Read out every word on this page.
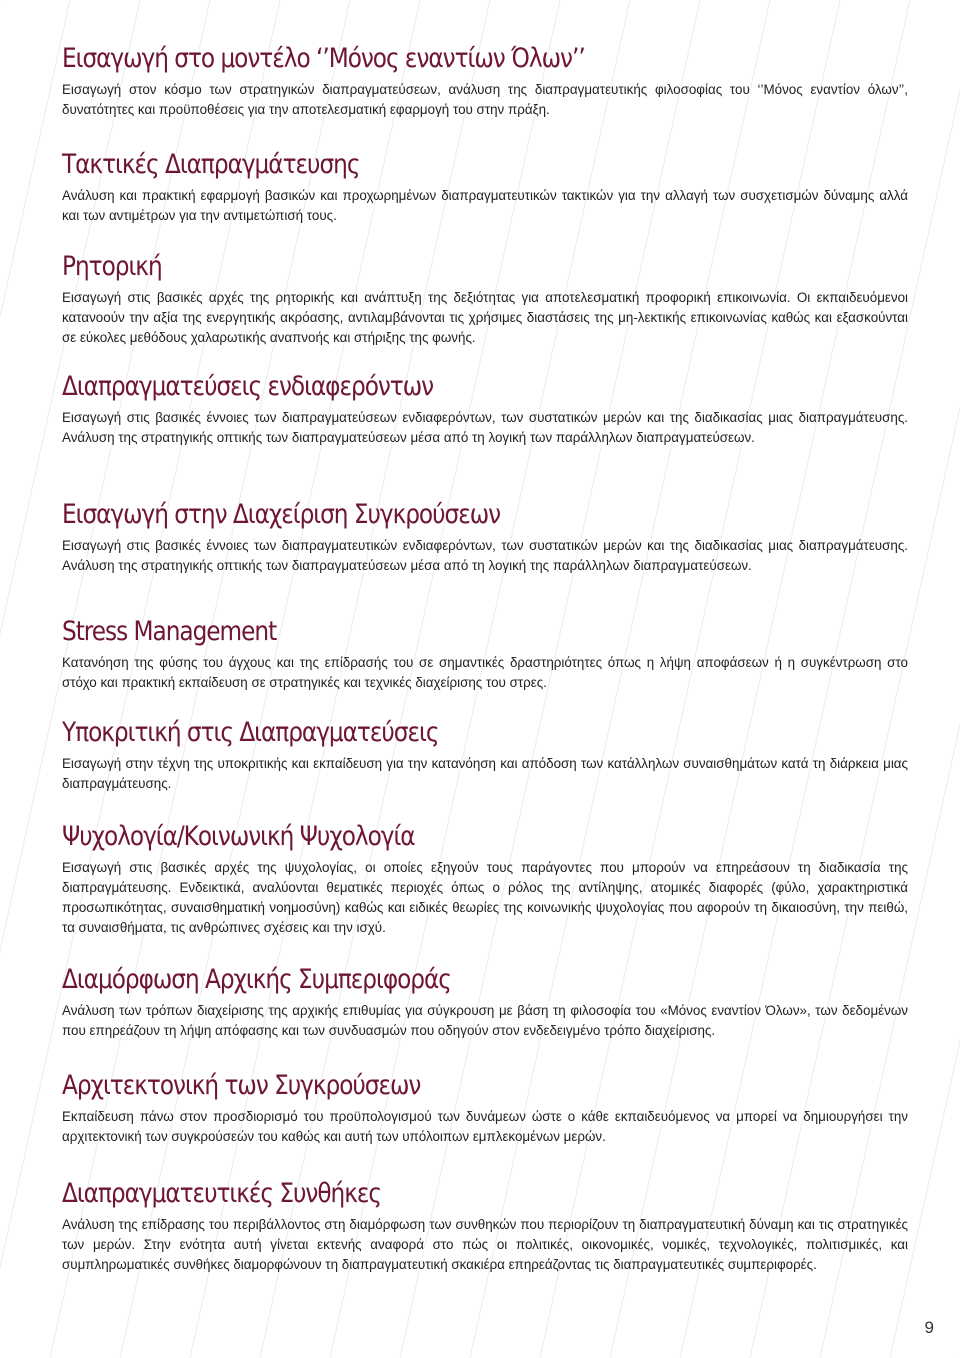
Εισαγωγή στο μοντέλο ‘’Μόνος εναντίων Όλων’’

Εισαγωγή στον κόσμο των στρατηγικών διαπραγματεύσεων, ανάλυση της διαπραγματευτικής φιλοσοφίας του ‘’Μόνος εναντίον όλων’’, δυνατότητες και προϋποθέσεις για την αποτελεσματική εφαρμογή του στην πράξη.

Τακτικές Διαπραγμάτευσης

Ανάλυση και πρακτική εφαρμογή βασικών και προχωρημένων διαπραγματευτικών τακτικών για την αλλαγή των συσχετισμών δύναμης αλλά και των αντιμέτρων για την αντιμετώπισή τους.

Ρητορική

Εισαγωγή στις βασικές αρχές της ρητορικής και ανάπτυξη της δεξιότητας για αποτελεσματική προφορική επικοινωνία. Οι εκπαιδευόμενοι κατανοούν την αξία της ενεργητικής ακρόασης, αντιλαμβάνονται τις χρήσιμες διαστάσεις της μη-λεκτικής επικοινωνίας καθώς και εξασκούνται σε εύκολες μεθόδους χαλαρωτικής αναπνοής και στήριξης της φωνής.

Διαπραγματεύσεις ενδιαφερόντων

Εισαγωγή στις βασικές έννοιες των διαπραγματεύσεων ενδιαφερόντων, των συστατικών μερών και της διαδικασίας μιας διαπραγμάτευσης. Ανάλυση της στρατηγικής οπτικής των διαπραγματεύσεων μέσα από τη λογική των παράλληλων διαπραγματεύσεων.

Εισαγωγή στην Διαχείριση Συγκρούσεων

Εισαγωγή στις βασικές έννοιες των διαπραγματευτικών ενδιαφερόντων, των συστατικών μερών και της διαδικασίας μιας διαπραγμάτευσης. Ανάλυση της στρατηγικής οπτικής των διαπραγματεύσεων μέσα από τη λογική της παράλληλων διαπραγματεύσεων.

Stress Management

Κατανόηση της φύσης του άγχους και της επίδρασής του σε σημαντικές δραστηριότητες όπως η λήψη αποφάσεων ή η συγκέντρωση στο στόχο και πρακτική εκπαίδευση σε στρατηγικές και τεχνικές διαχείρισης του στρες.

Υποκριτική στις Διαπραγματεύσεις

Εισαγωγή στην τέχνη της υποκριτικής και εκπαίδευση για την κατανόηση και απόδοση των κατάλληλων συναισθημάτων κατά τη διάρκεια μιας διαπραγμάτευσης.

Ψυχολογία/Κοινωνική Ψυχολογία

Εισαγωγή στις βασικές αρχές της ψυχολογίας, οι οποίες εξηγούν τους παράγοντες που μπορούν να επηρεάσουν τη διαδικασία της διαπραγμάτευσης. Ενδεικτικά, αναλύονται θεματικές περιοχές όπως ο ρόλος της αντίληψης, ατομικές διαφορές (φύλο, χαρακτηριστικά προσωπικότητας, συναισθηματική νοημοσύνη) καθώς και ειδικές θεωρίες της κοινωνικής ψυχολογίας που αφορούν τη δικαιοσύνη, την πειθώ, τα συναισθήματα, τις ανθρώπινες σχέσεις και την ισχύ.

Διαμόρφωση Αρχικής Συμπεριφοράς

Ανάλυση των τρόπων διαχείρισης της αρχικής επιθυμίας για σύγκρουση με βάση τη φιλοσοφία του «Μόνος εναντίον Όλων», των δεδομένων που επηρεάζουν τη λήψη απόφασης και των συνδυασμών που οδηγούν στον ενδεδειγμένο τρόπο διαχείρισης.

Αρχιτεκτονική των Συγκρούσεων

Εκπαίδευση πάνω στον προσδιορισμό του προϋπολογισμού των δυνάμεων ώστε ο κάθε εκπαιδευόμενος να μπορεί να δημιουργήσει την αρχιτεκτονική των συγκρούσεών του καθώς και αυτή των υπόλοιπων εμπλεκομένων μερών.

Διαπραγματευτικές Συνθήκες

Ανάλυση της επίδρασης του περιβάλλοντος στη διαμόρφωση των συνθηκών που περιορίζουν τη διαπραγματευτική δύναμη και τις στρατηγικές των μερών. Στην ενότητα αυτή γίνεται εκτενής αναφορά στο πώς οι πολιτικές, οικονομικές, νομικές, τεχνολογικές, πολιτισμικές, και συμπληρωματικές συνθήκες διαμορφώνουν τη διαπραγματευτική σκακιέρα επηρεάζοντας τις διαπραγματευτικές συμπεριφορές.

9
